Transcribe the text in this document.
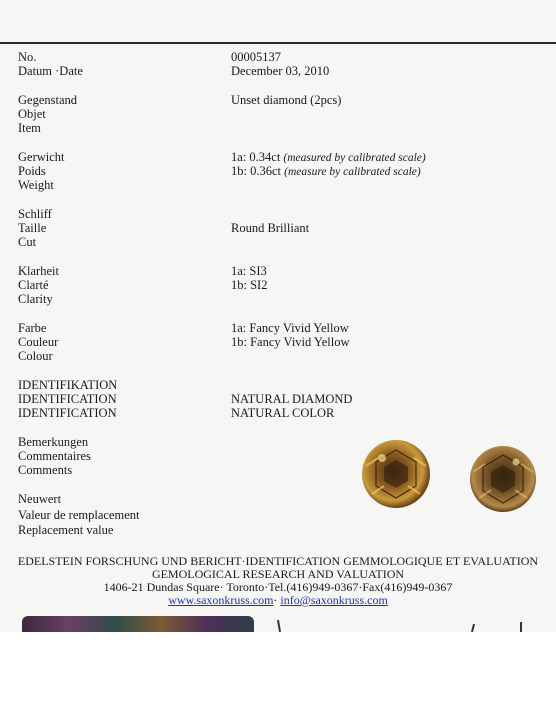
No.
Datum ·Date
00005137
December 03, 2010
Gegenstand
Objet
Item
Unset diamond (2pcs)
Gerwicht
Poids
Weight
1a: 0.34ct (measured by calibrated scale)
1b: 0.36ct (measure by calibrated scale)
Schliff
Taille
Cut
Round Brilliant
Klarheit
Clarté
Clarity
1a: SI3
1b: SI2
Farbe
Couleur
Colour
1a: Fancy Vivid Yellow
1b: Fancy Vivid Yellow
IDENTIFIKATION
IDENTIFICATION
IDENTIFICATION
NATURAL DIAMOND
NATURAL COLOR
Bemerkungen
Commentaires
Comments
Neuwert
Valeur de remplacement
Replacement value
EDELSTEIN FORSCHUNG UND BERICHT·IDENTIFICATION GEMMOLOGIQUE ET EVALUATION
GEMOLOGICAL RESEARCH AND VALUATION
1406-21 Dundas Square· Toronto·Tel.(416)949-0367·Fax(416)949-0367
www.saxonkruss.com· info@saxonkruss.com
